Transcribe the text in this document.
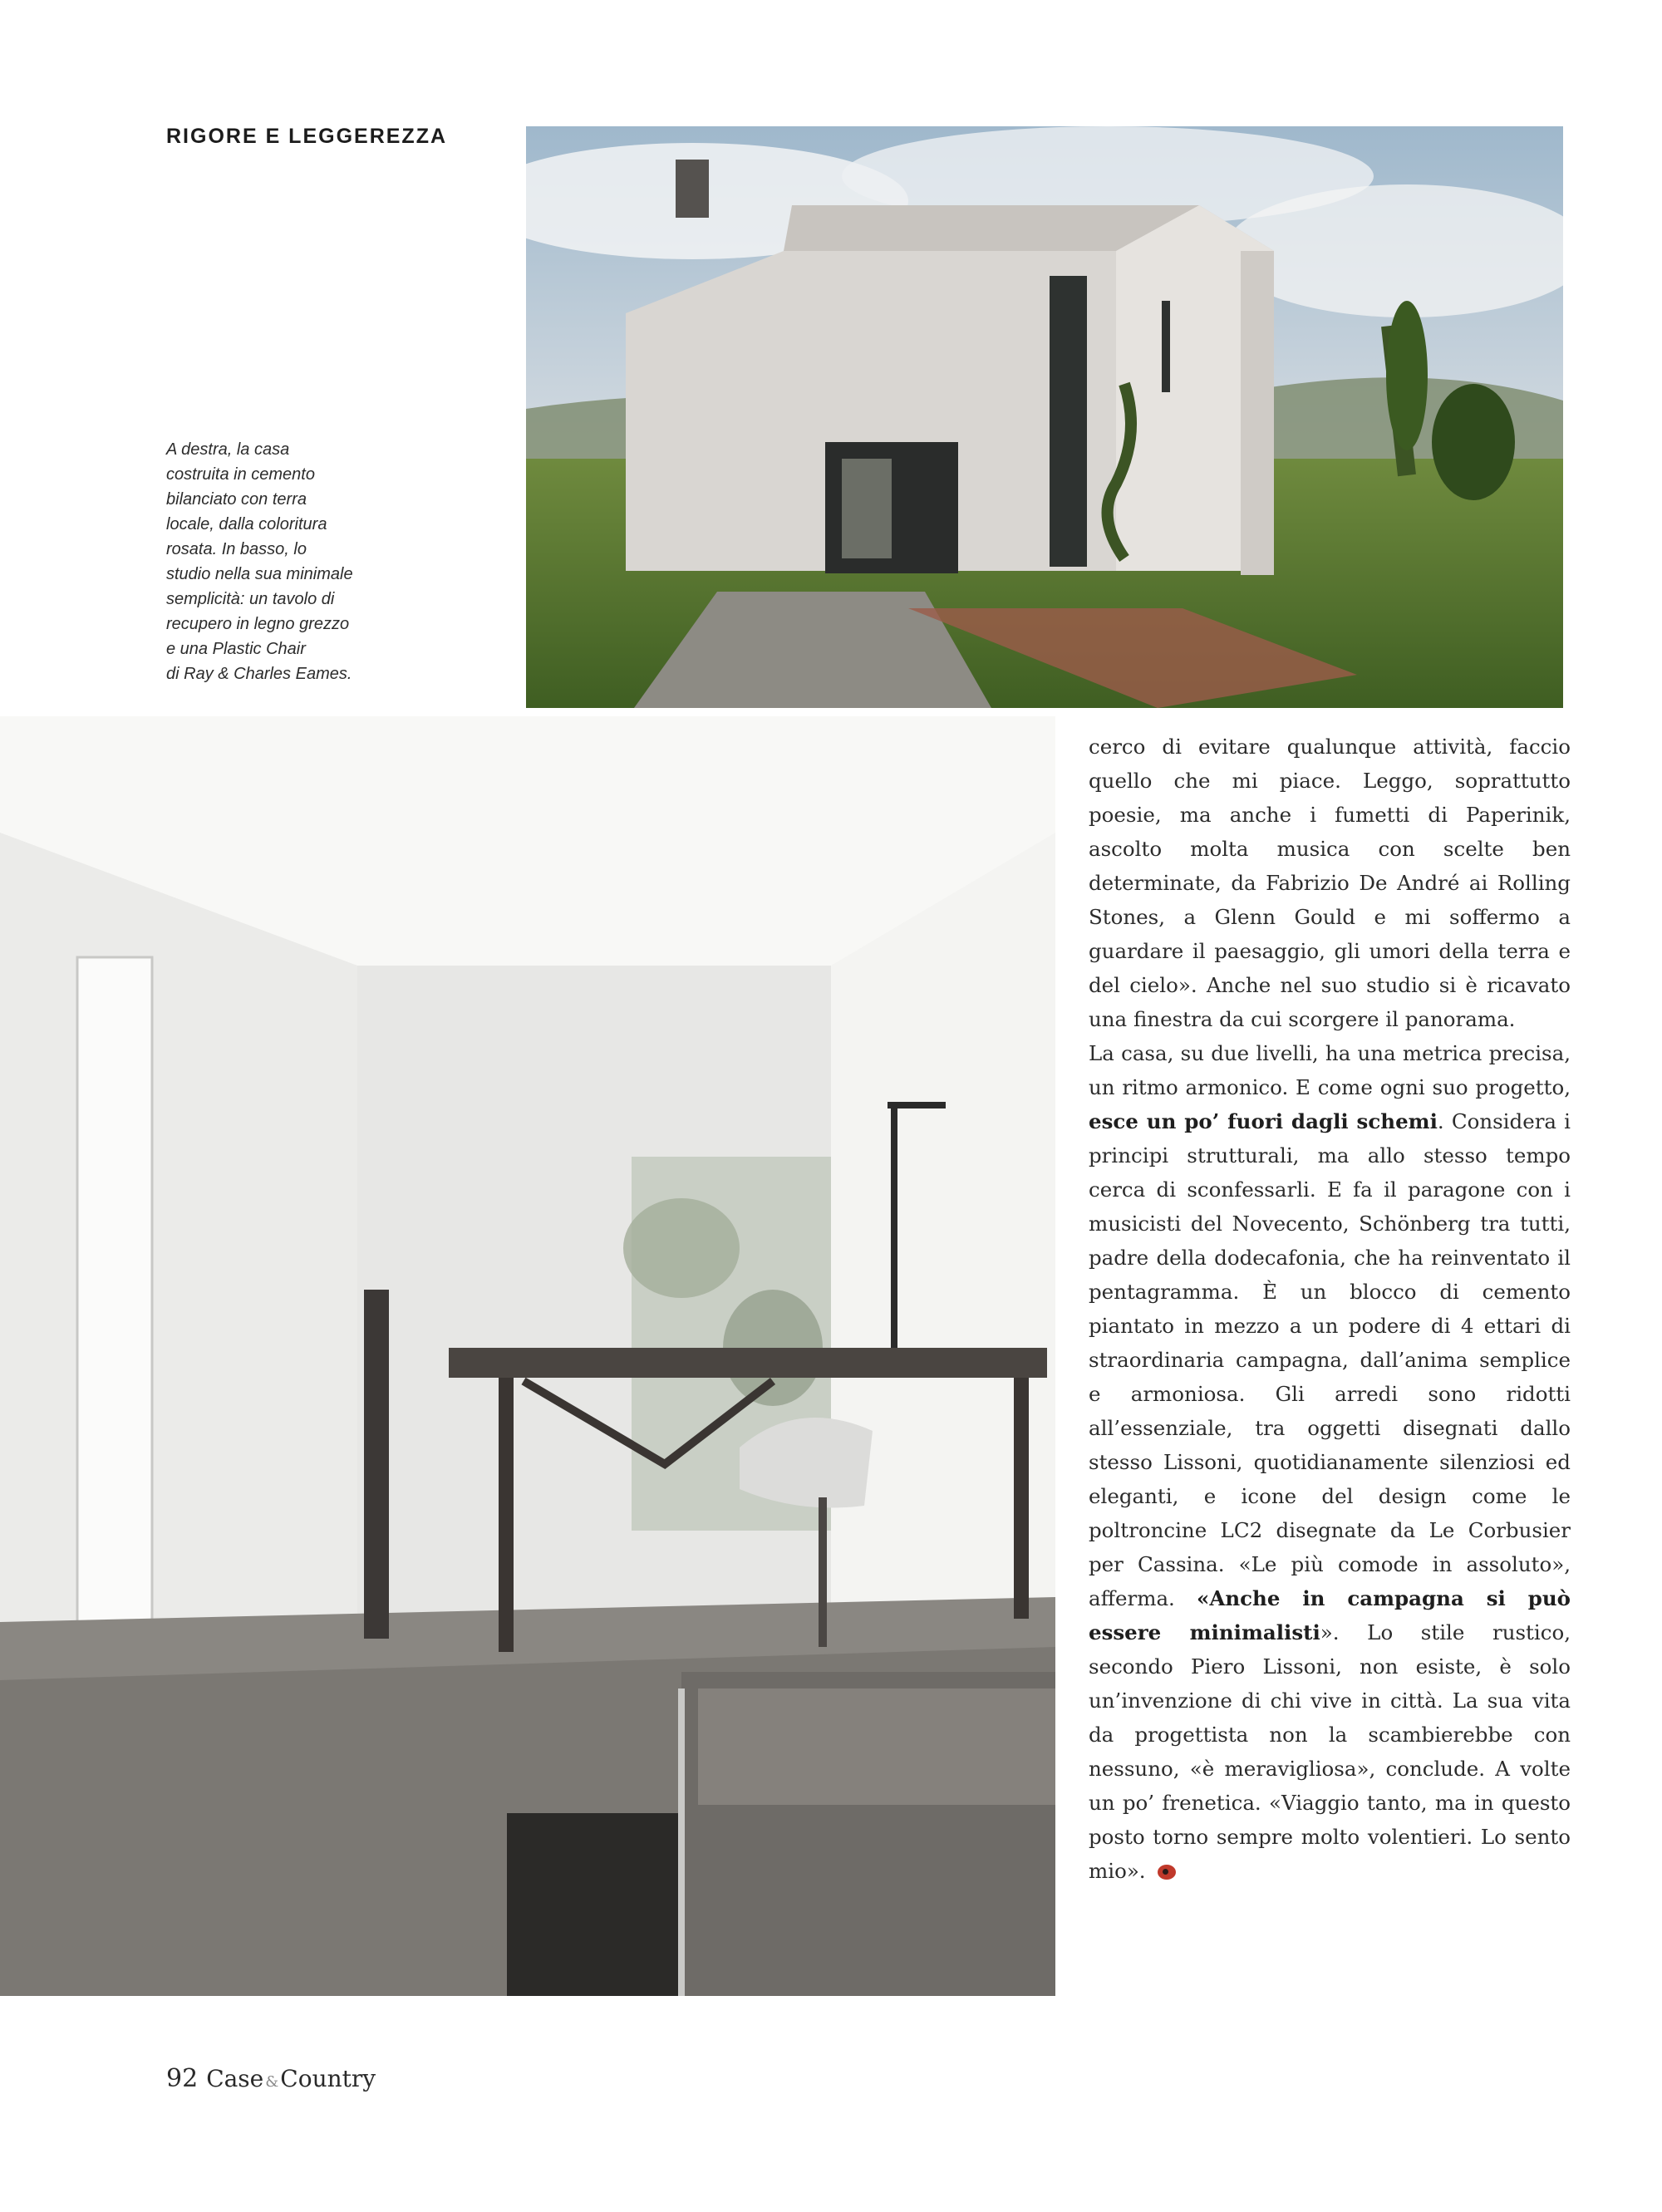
RIGORE E LEGGEREZZA
A destra, la casa
costruita in cemento
bilanciato con terra
locale, dalla coloritura
rosata. In basso, lo
studio nella sua minimale
semplicità: un tavolo di
recupero in legno grezzo
e una Plastic Chair
di Ray & Charles Eames.

cerco di evitare qualunque attività, faccio quello che mi piace. Leggo, soprattutto poesie, ma anche i fumetti di Paperinik, ascolto molta musica con scelte ben determinate, da Fabrizio De André ai Rolling Stones, a Glenn Gould e mi soffermo a guardare il paesaggio, gli umori della terra e del cielo». Anche nel suo studio si è ricavato una finestra da cui scorgere il panorama.

La casa, su due livelli, ha una metrica precisa, un ritmo armonico. E come ogni suo progetto, esce un po’ fuori dagli schemi. Considera i principi strutturali, ma allo stesso tempo cerca di sconfessarli. E fa il paragone con i musicisti del Novecento, Schönberg tra tutti, padre della dodecafonia, che ha reinventato il pentagramma. È un blocco di cemento piantato in mezzo a un podere di 4 ettari di straordinaria campagna, dall’anima semplice e armoniosa. Gli arredi sono ridotti all’essenziale, tra oggetti disegnati dallo stesso Lissoni, quotidianamente silenziosi ed eleganti, e icone del design come le poltroncine LC2 disegnate da Le Corbusier per Cassina. «Le più comode in assoluto», afferma. «Anche in campagna si può essere minimalisti». Lo stile rustico, secondo Piero Lissoni, non esiste, è solo un’invenzione di chi vive in città. La sua vita da progettista non la scambierebbe con nessuno, «è meravigliosa», conclude. A volte un po’ frenetica. «Viaggio tanto, ma in questo posto torno sempre molto volentieri. Lo sento mio».

92 Case &Country
